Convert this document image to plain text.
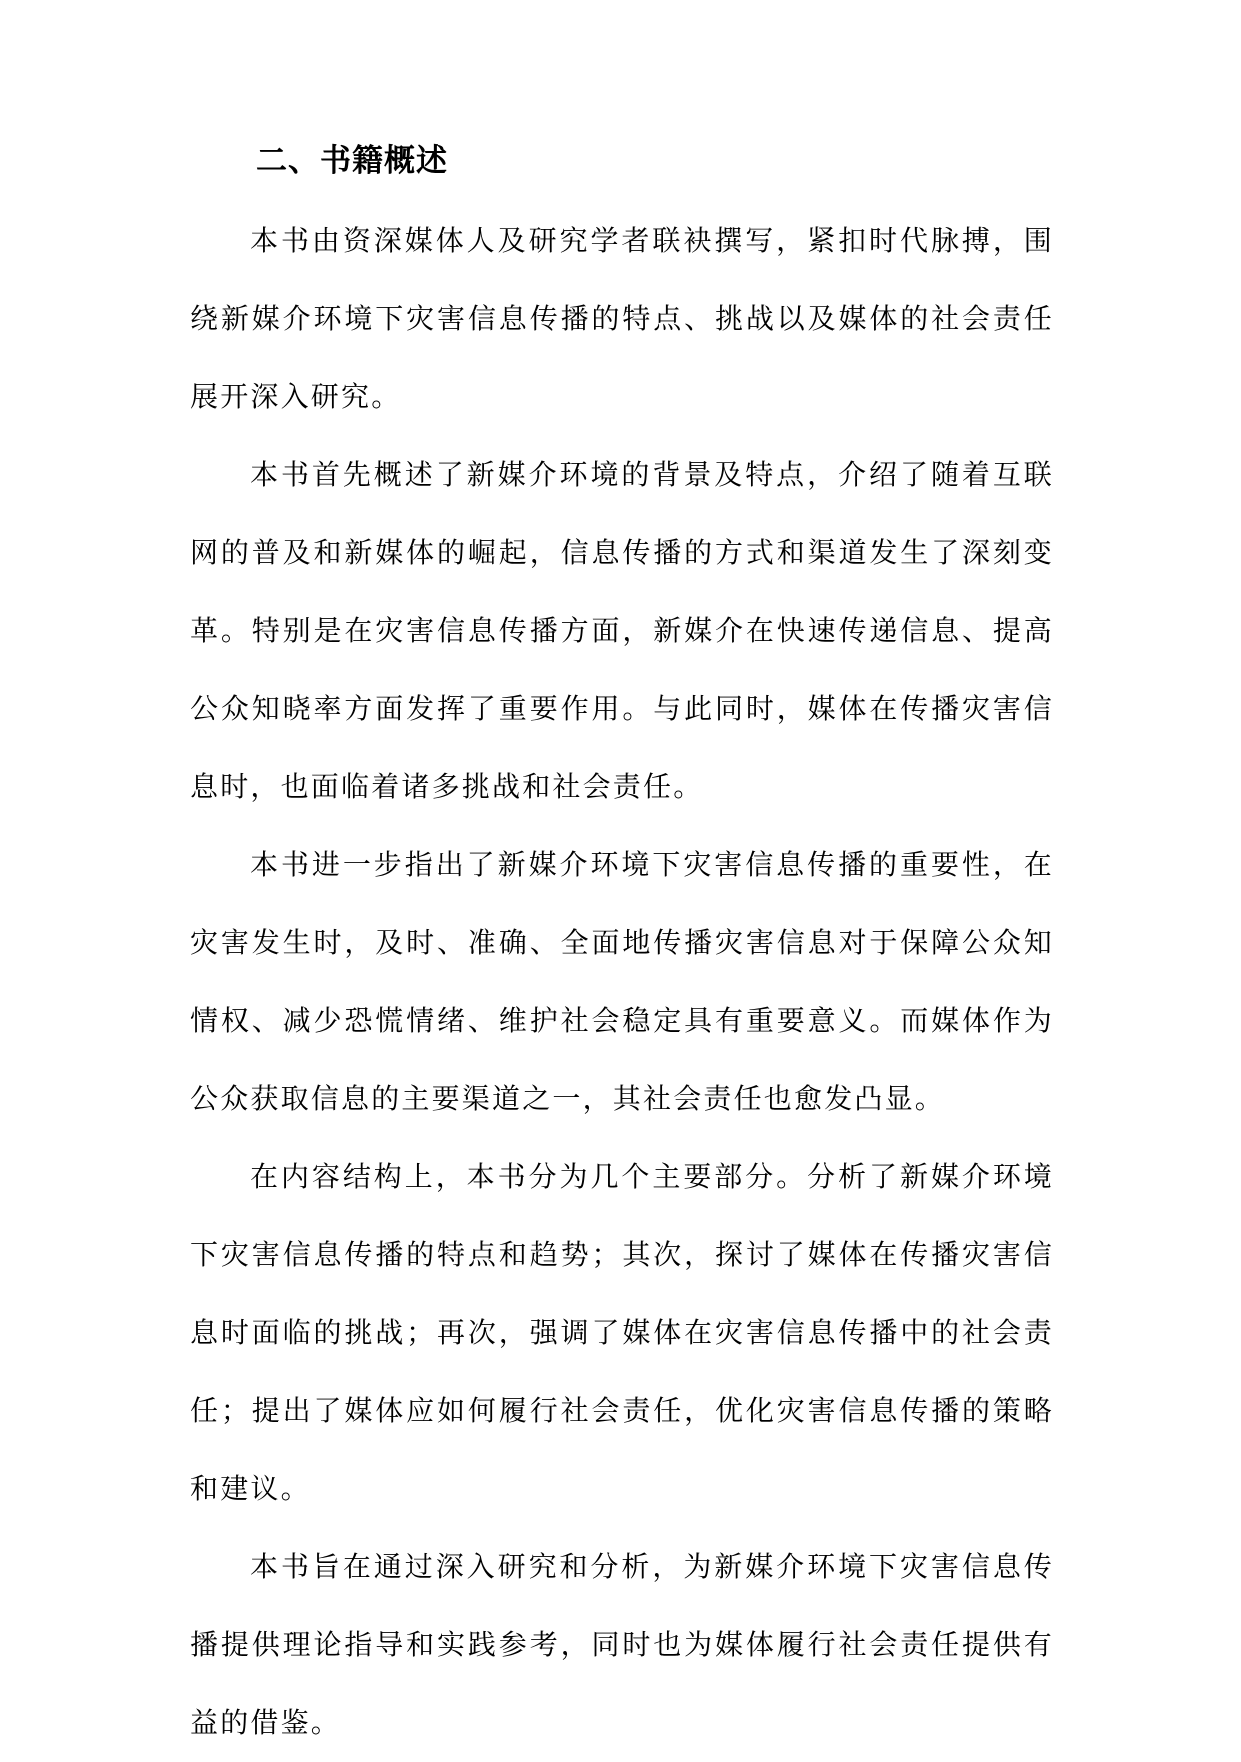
二、书籍概述

本书由资深媒体人及研究学者联袂撰写，紧扣时代脉搏，围绕新媒介环境下灾害信息传播的特点、挑战以及媒体的社会责任展开深入研究。

本书首先概述了新媒介环境的背景及特点，介绍了随着互联网的普及和新媒体的崛起，信息传播的方式和渠道发生了深刻变革。特别是在灾害信息传播方面，新媒介在快速传递信息、提高公众知晓率方面发挥了重要作用。与此同时，媒体在传播灾害信息时，也面临着诸多挑战和社会责任。

本书进一步指出了新媒介环境下灾害信息传播的重要性，在灾害发生时，及时、准确、全面地传播灾害信息对于保障公众知情权、减少恐慌情绪、维护社会稳定具有重要意义。而媒体作为公众获取信息的主要渠道之一，其社会责任也愈发凸显。

在内容结构上，本书分为几个主要部分。分析了新媒介环境下灾害信息传播的特点和趋势；其次，探讨了媒体在传播灾害信息时面临的挑战；再次，强调了媒体在灾害信息传播中的社会责任；提出了媒体应如何履行社会责任，优化灾害信息传播的策略和建议。

本书旨在通过深入研究和分析，为新媒介环境下灾害信息传播提供理论指导和实践参考，同时也为媒体履行社会责任提供有益的借鉴。
